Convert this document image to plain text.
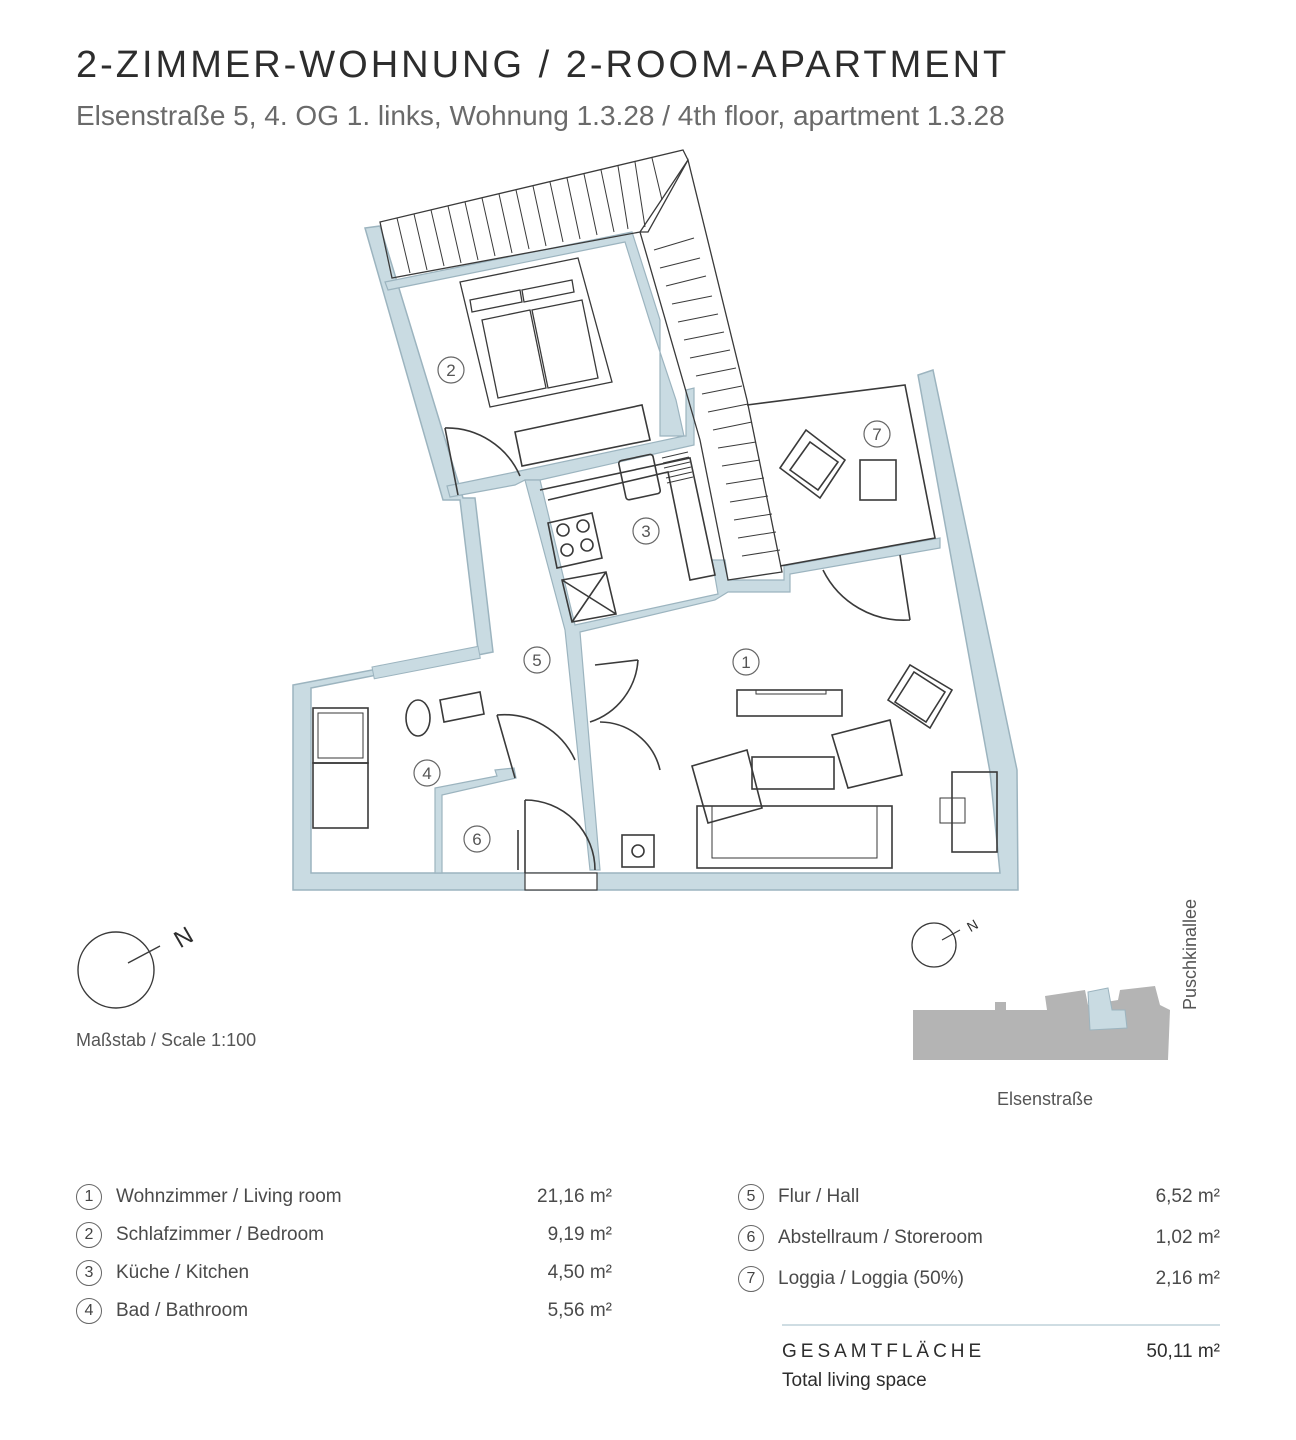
2-ZIMMER-WOHNUNG / 2-ROOM-APARTMENT

Elsenstraße 5, 4. OG 1. links, Wohnung 1.3.28 / 4th floor, apartment 1.3.28

1
2
3
4
5
6
7
N	N
Maßstab / Scale 1:100
Elsenstraße
Puschkinallee
1	Wohnzimmer / Living room	21,16 m²
2	Schlafzimmer / Bedroom	9,19 m²
3	Küche / Kitchen	4,50 m²
4	Bad / Bathroom	5,56 m²
5	Flur / Hall	6,52 m²
6	Abstellraum / Storeroom	1,02 m²
7	Loggia / Loggia (50%)	2,16 m²
GESAMTFLÄCHE
Total living space
50,11 m²
